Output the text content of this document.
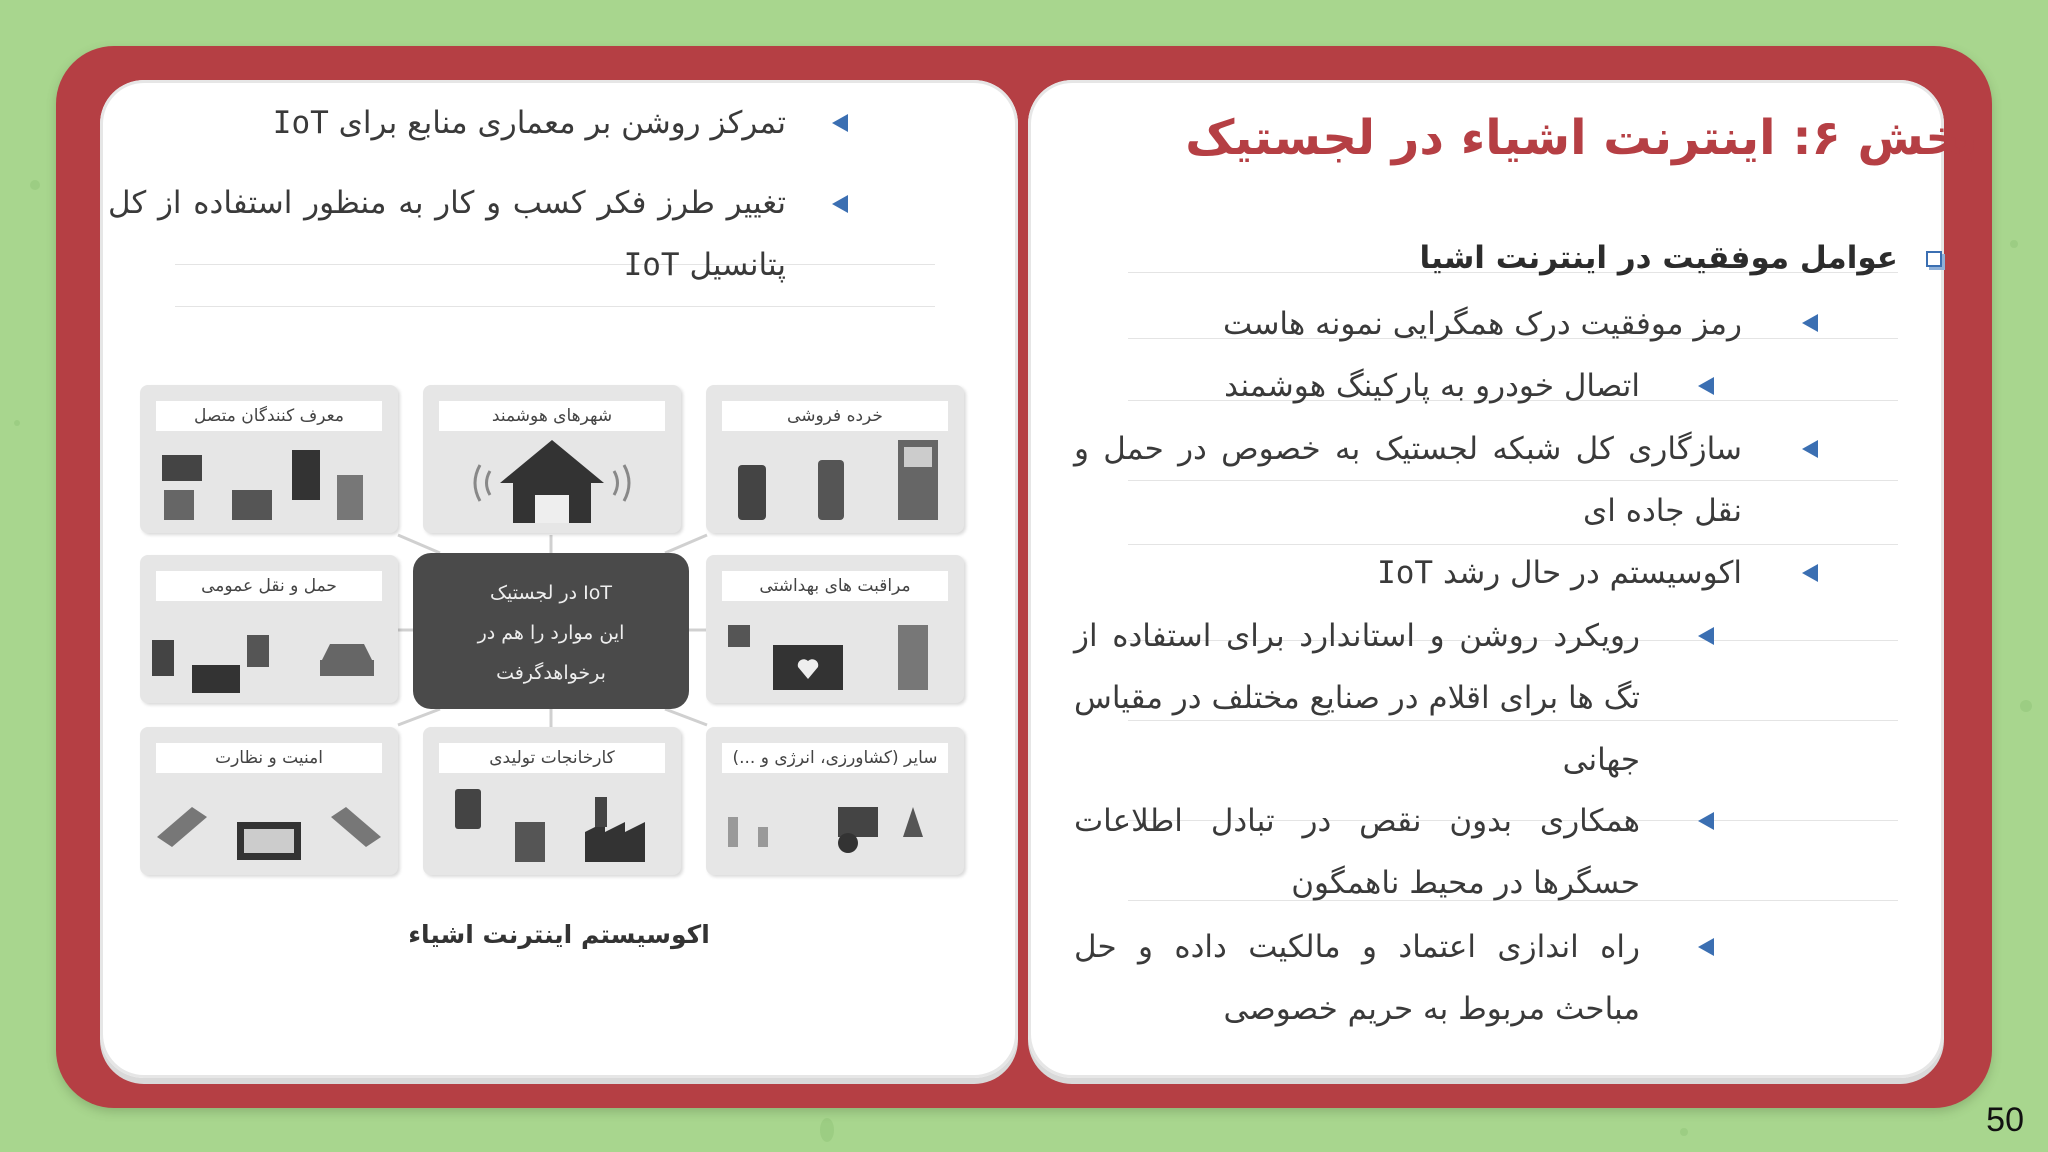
تمرکز روشن بر معماری منابع برای IoT
تغییر طرز فکر کسب و کار به منظور استفاده از کل پتانسیل IoT
خرده فروشی
شهرهای هوشمند
معرف کنندگان متصل
مراقبت های بهداشتی
حمل و نقل عمومی	IoT در لجستیک
این موارد را هم در
برخواهدگرفت
سایر (کشاورزی، انرژی و ...)
کارخانجات تولیدی
امنیت و نظارت
اکوسیستم اینترنت اشیاء
بخش ۶: اینترنت اشیاء در لجستیک
عوامل موفقیت در اینترنت اشیا
رمز موفقیت درک همگرایی نمونه هاست
اتصال خودرو به پارکینگ هوشمند
سازگاری کل شبکه لجستیک به خصوص در حمل و نقل جاده ای
اکوسیستم در حال رشد IoT
رویکرد روشن و استاندارد برای استفاده از تگ ها برای اقلام در صنایع مختلف در مقیاس جهانی
همکاری بدون نقص در تبادل اطلاعات حسگرها در محیط ناهمگون
راه اندازی اعتماد و مالکیت داده و حل مباحث مربوط به حریم خصوصی
50
